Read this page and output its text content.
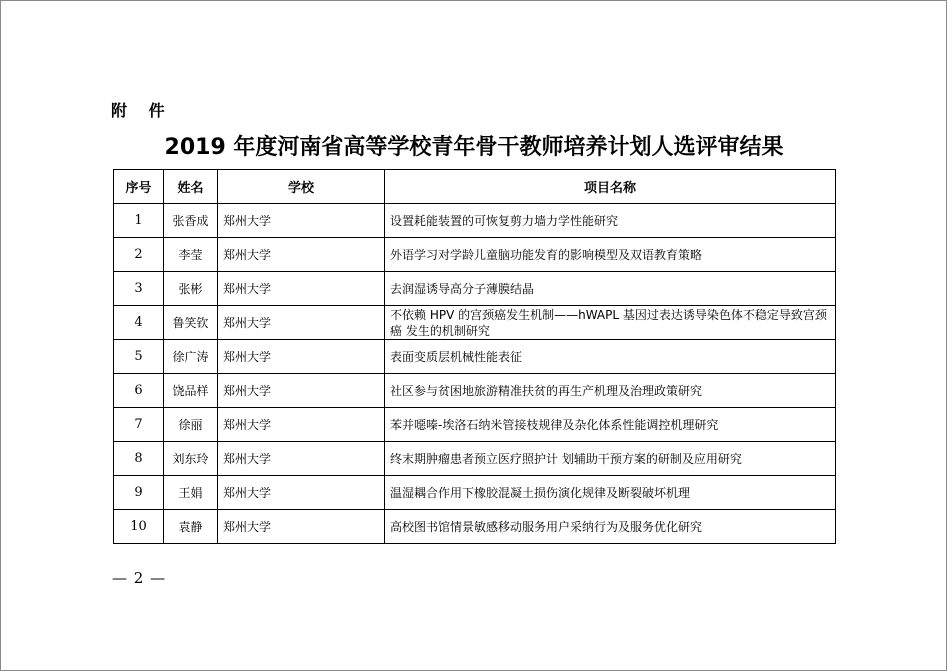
附 件
2019 年度河南省高等学校青年骨干教师培养计划人选评审结果
序号	姓名	学校	项目名称
1	张香成	郑州大学	设置耗能装置的可恢复剪力墙力学性能研究
2	李莹	郑州大学	外语学习对学龄儿童脑功能发育的影响模型及双语教育策略
3	张彬	郑州大学	去润湿诱导高分子薄膜结晶
4	鲁笑钦	郑州大学	不依赖 HPV 的宫颈癌发生机制——hWAPL 基因过表达诱导染色体不稳定导致宫颈癌 发生的机制研究
5	徐广涛	郑州大学	表面变质层机械性能表征
6	饶品样	郑州大学	社区参与贫困地旅游精准扶贫的再生产机理及治理政策研究
7	徐丽	郑州大学	苯并噁嗪-埃洛石纳米管接枝规律及杂化体系性能调控机理研究
8	刘东玲	郑州大学	终末期肿瘤患者预立医疗照护计 划辅助干预方案的研制及应用研究
9	王娟	郑州大学	温湿耦合作用下橡胶混凝土损伤演化规律及断裂破坏机理
10	袁静	郑州大学	高校图书馆情景敏感移动服务用户采纳行为及服务优化研究
— 2 —
